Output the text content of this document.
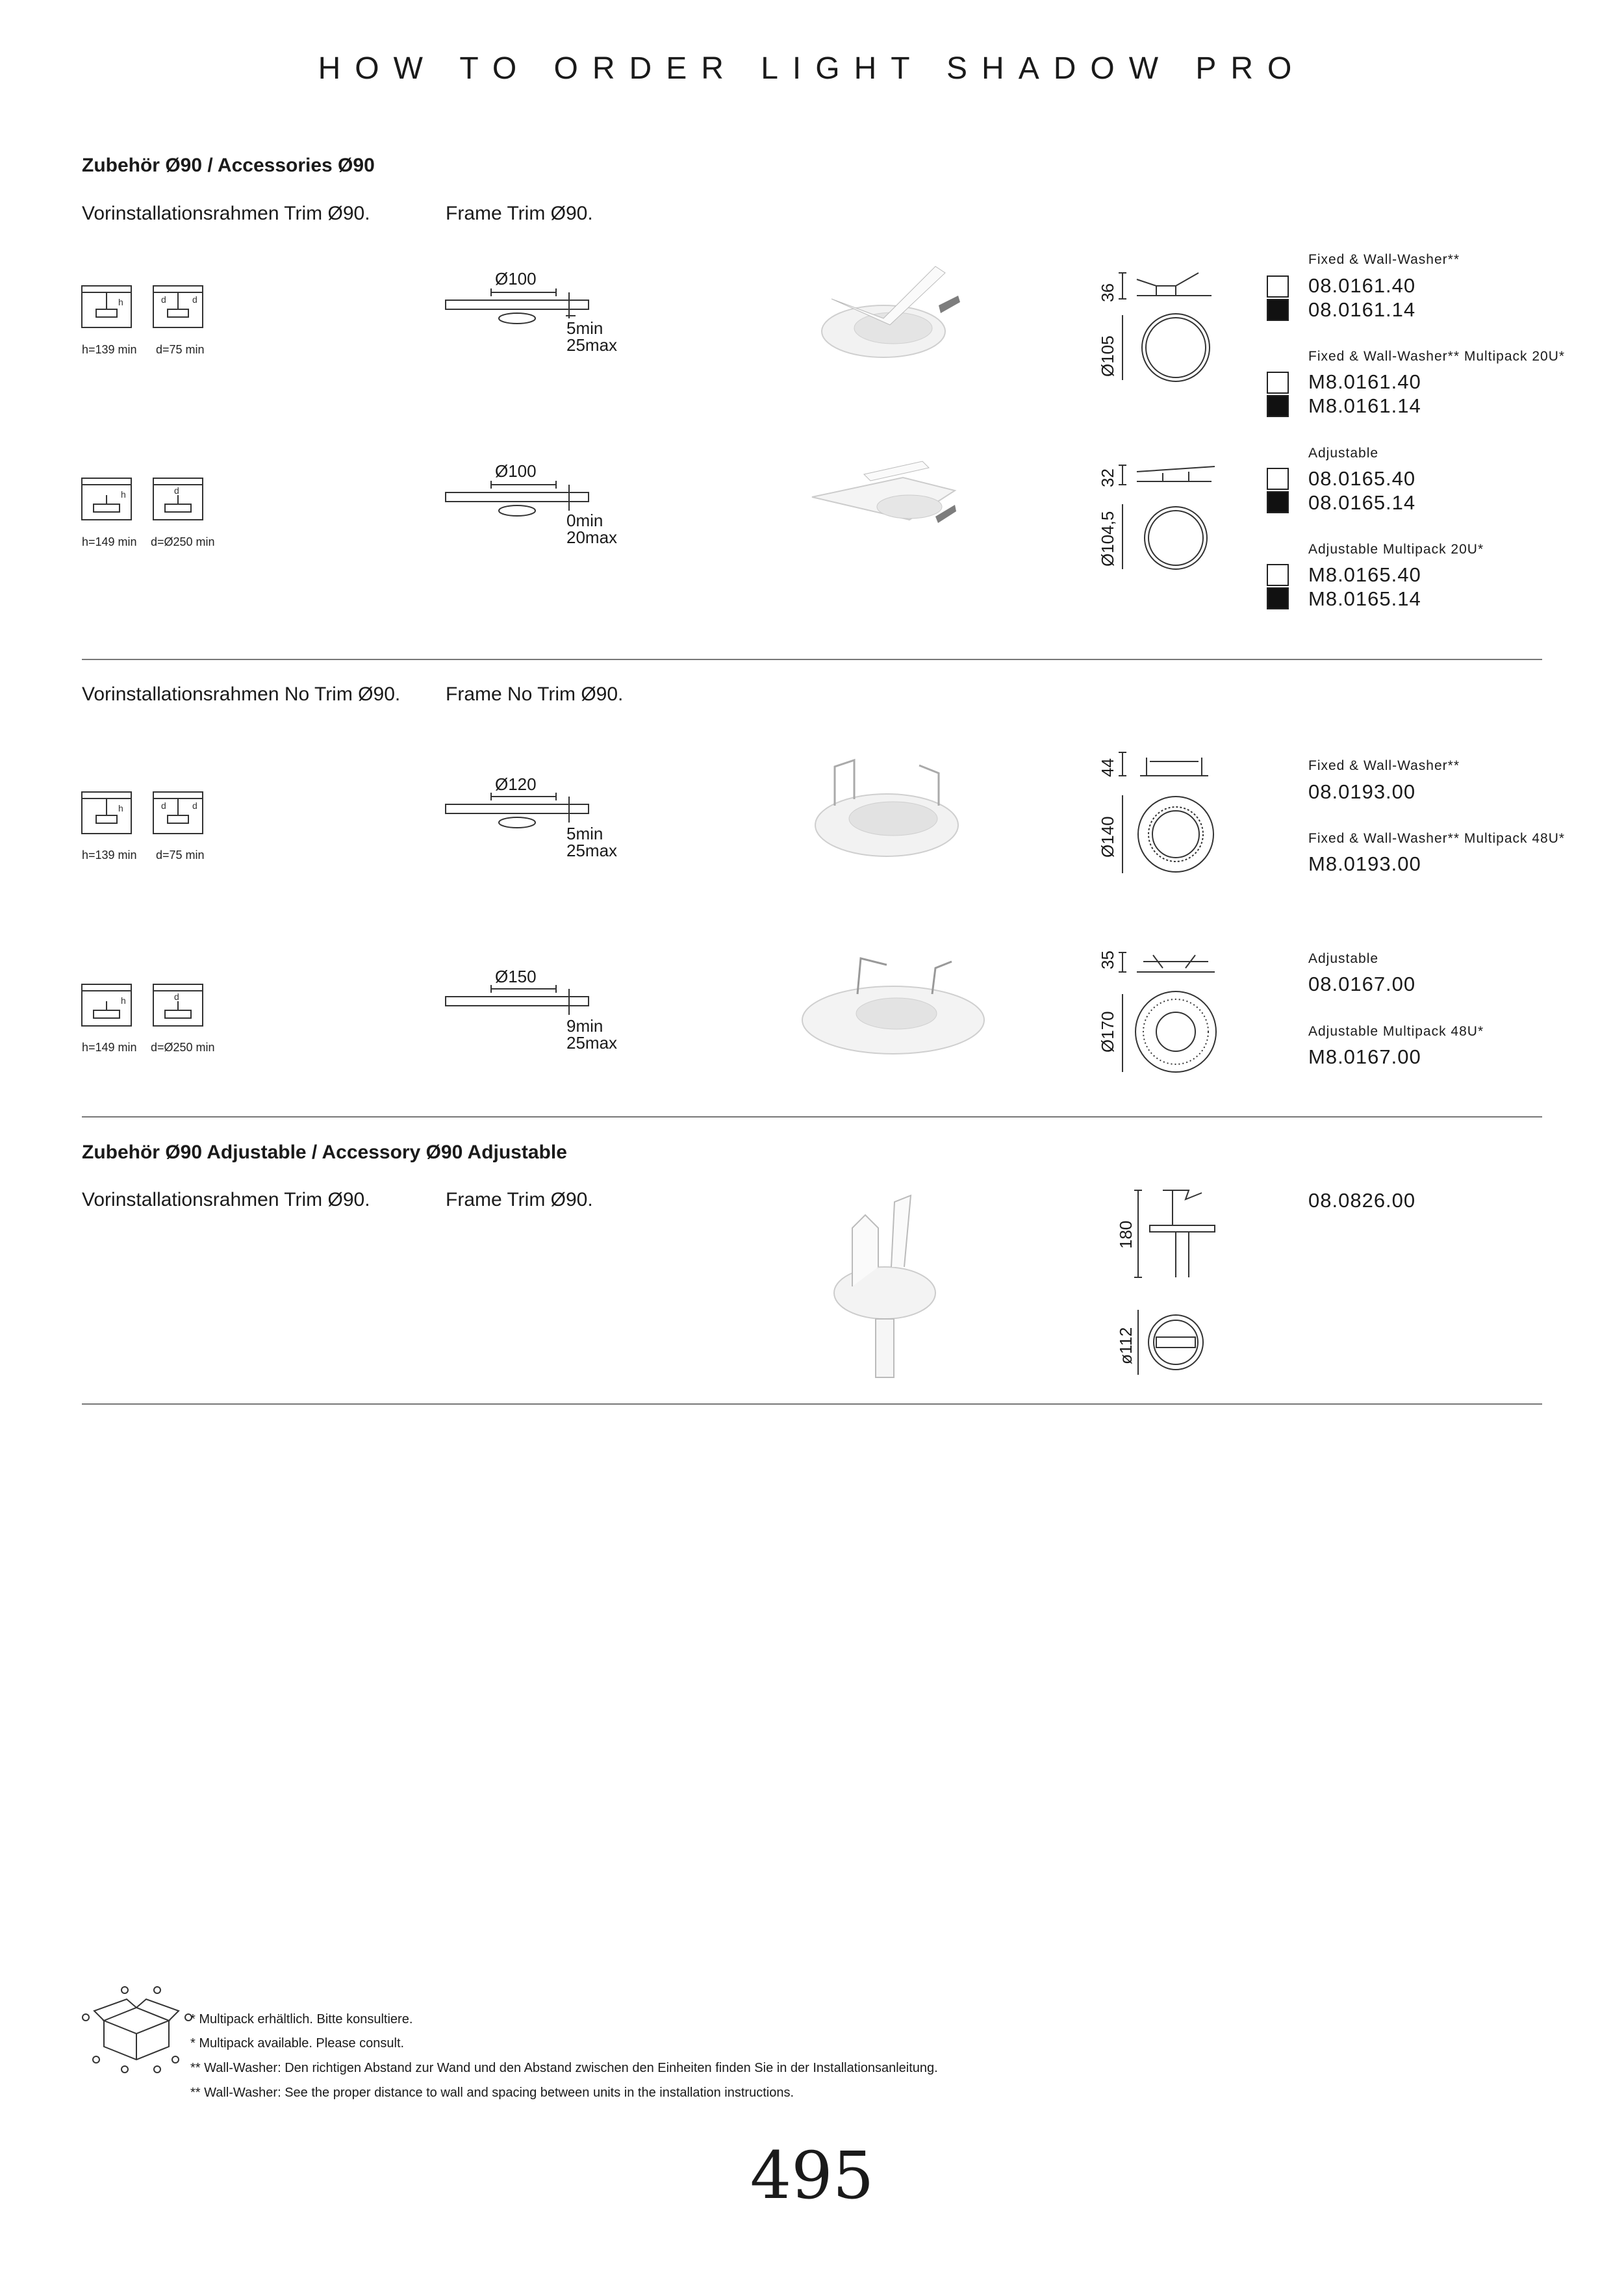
HOW TO ORDER LIGHT SHADOW PRO
Zubehör Ø90 / Accessories Ø90
Vorinstallationsrahmen Trim Ø90.	Frame Trim Ø90.
h	d	d
h=139 min d=75 min
Ø100
5min
25max
36
Ø105
Fixed & Wall-Washer**
08.0161.40
08.0161.14
Fixed & Wall-Washer** Multipack 20U*
M8.0161.40
M8.0161.14
h	d
h=149 min d=Ø250 min
Ø100
0min
20max
32
Ø104,5
Adjustable
08.0165.40
08.0165.14
Adjustable Multipack 20U*
M8.0165.40
M8.0165.14
Vorinstallationsrahmen No Trim Ø90. Frame No Trim Ø90.
h	d	d
h=139 min d=75 min
Ø120
5min
25max
44
Ø140
Fixed & Wall-Washer**
08.0193.00
Fixed & Wall-Washer** Multipack 48U*
M8.0193.00
h	d
h=149 min d=Ø250 min
Ø150
9min
25max
35
Ø170
Adjustable
08.0167.00
Adjustable Multipack 48U*
M8.0167.00
Zubehör Ø90 Adjustable / Accessory Ø90 Adjustable
Vorinstallationsrahmen Trim Ø90.	Frame Trim Ø90.
180
ø112
08.0826.00
* Multipack erhältlich. Bitte konsultiere.
* Multipack available. Please consult.
** Wall-Washer: Den richtigen Abstand zur Wand und den Abstand zwischen den Einheiten finden Sie in der Installationsanleitung.
** Wall-Washer: See the proper distance to wall and spacing between units in the installation instructions.
495
